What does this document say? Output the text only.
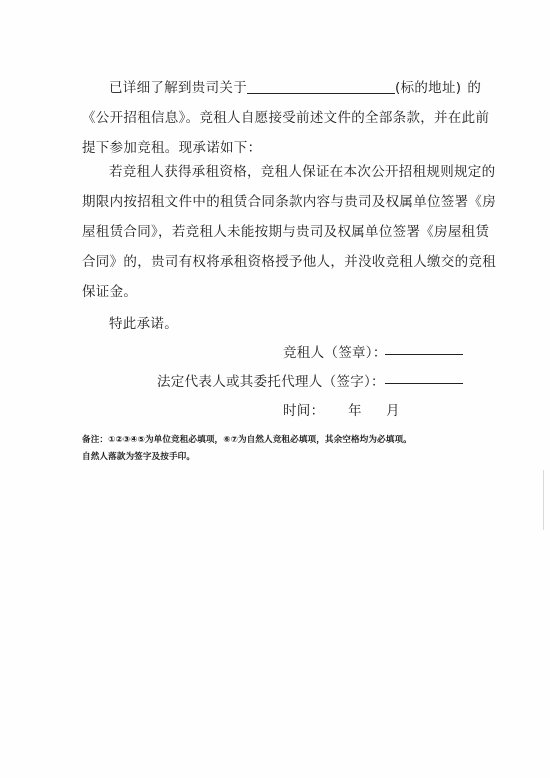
已详细了解到贵司关于	(标的地址) 的
《公开招租信息》。竞租人自愿接受前述文件的全部条款，并在此前
提下参加竞租。现承诺如下：
若竞租人获得承租资格，竞租人保证在本次公开招租规则规定的
期限内按招租文件中的租赁合同条款内容与贵司及权属单位签署《房
屋租赁合同》，若竞租人未能按期与贵司及权属单位签署《房屋租赁
合同》的，贵司有权将承租资格授予他人，并没收竞租人缴交的竞租
保证金。
特此承诺。
竞租人（签章）：
法定代表人或其委托代理人（签字）：
时间： 年 月
备注：①②③④⑤为单位竞租必填项，⑥⑦为自然人竞租必填项，其余空格均为必填项。
自然人落款为签字及按手印。
